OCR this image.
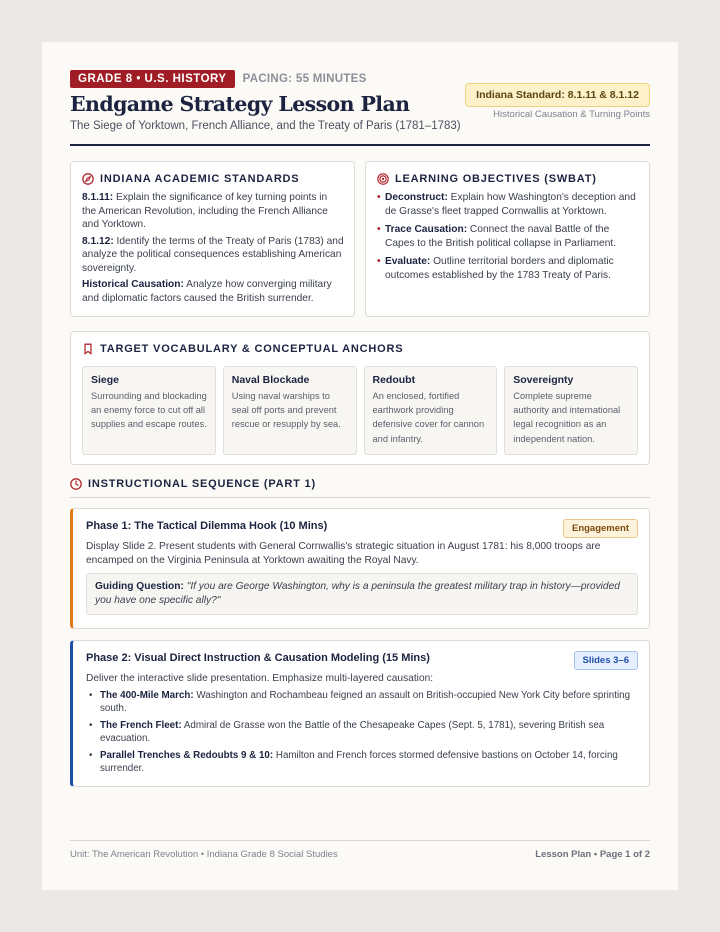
GRADE 8 • U.S. HISTORY	PACING: 55 MINUTES
Endgame Strategy Lesson Plan
The Siege of Yorktown, French Alliance, and the Treaty of Paris (1781–1783)
Indiana Standard: 8.1.11 & 8.1.12
Historical Causation & Turning Points
INDIANA ACADEMIC STANDARDS

8.1.11: Explain the significance of key turning points in the American Revolution, including the French Alliance and Yorktown.

8.1.12: Identify the terms of the Treaty of Paris (1783) and analyze the political consequences establishing American sovereignty.

Historical Causation: Analyze how converging military and diplomatic factors caused the British surrender.

LEARNING OBJECTIVES (SWBAT)
• Deconstruct: Explain how Washington's deception and de Grasse's fleet trapped Cornwallis at Yorktown.
• Trace Causation: Connect the naval Battle of the Capes to the British political collapse in Parliament.
• Evaluate: Outline territorial borders and diplomatic outcomes established by the 1783 Treaty of Paris.
TARGET VOCABULARY & CONCEPTUAL ANCHORS
Siege
Surrounding and blockading an enemy force to cut off all supplies and escape routes.
Naval Blockade
Using naval warships to seal off ports and prevent rescue or resupply by sea.
Redoubt
An enclosed, fortified earthwork providing defensive cover for cannon and infantry.
Sovereignty
Complete supreme authority and international legal recognition as an independent nation.
INSTRUCTIONAL SEQUENCE (PART 1)
Phase 1: The Tactical Dilemma Hook (10 Mins)	Engagement
Display Slide 2. Present students with General Cornwallis's strategic situation in August 1781: his 8,000 troops are encamped on the Virginia Peninsula at Yorktown awaiting the Royal Navy.
Guiding Question: "If you are George Washington, why is a peninsula the greatest military trap in history—provided you have one specific ally?"
Phase 2: Visual Direct Instruction & Causation Modeling (15 Mins)	Slides 3–6
Deliver the interactive slide presentation. Emphasize multi-layered causation:
• The 400-Mile March: Washington and Rochambeau feigned an assault on British-occupied New York City before sprinting south.
• The French Fleet: Admiral de Grasse won the Battle of the Chesapeake Capes (Sept. 5, 1781), severing British sea evacuation.
• Parallel Trenches & Redoubts 9 & 10: Hamilton and French forces stormed defensive bastions on October 14, forcing surrender.
Unit: The American Revolution • Indiana Grade 8 Social Studies	Lesson Plan • Page 1 of 2
